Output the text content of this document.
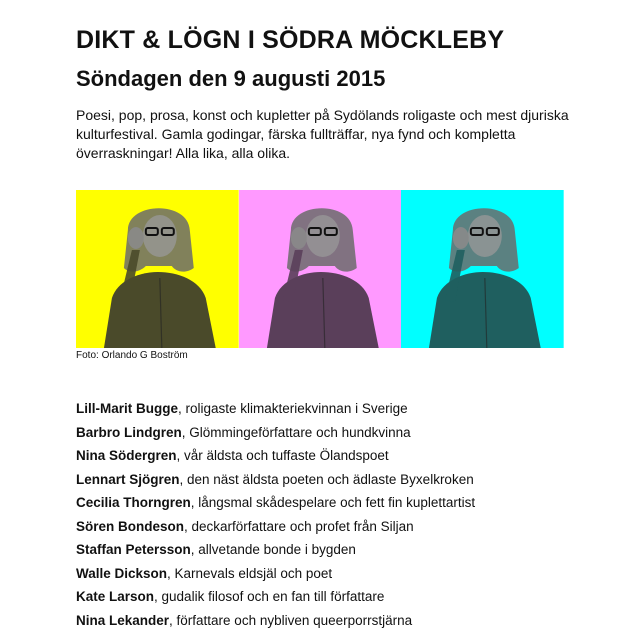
DIKT & LÖGN I SÖDRA MÖCKLEBY
Söndagen den 9 augusti 2015

Poesi, pop, prosa, konst och kupletter på Sydölands roligaste och mest djuriska kulturfestival. Gamla godingar, färska fullträffar, nya fynd och kompletta överraskningar! Alla lika, alla olika.

Foto: Orlando G Boström

Lill-Marit Bugge, roligaste klimakteriekvinnan i Sverige
Barbro Lindgren, Glömmingeförfattare och hundkvinna
Nina Södergren, vår äldsta och tuffaste Ölandspoet
Lennart Sjögren, den näst äldsta poeten och ädlaste Byxelkroken
Cecilia Thorngren, långsmal skådespelare och fett fin kuplettartist
Sören Bondeson, deckarförfattare och profet från Siljan
Staffan Petersson, allvetande bonde i bygden
Walle Dickson, Karnevals eldsjäl och poet
Kate Larson, gudalik filosof och en fan till författare
Nina Lekander, författare och nybliven queerporrstjärna
